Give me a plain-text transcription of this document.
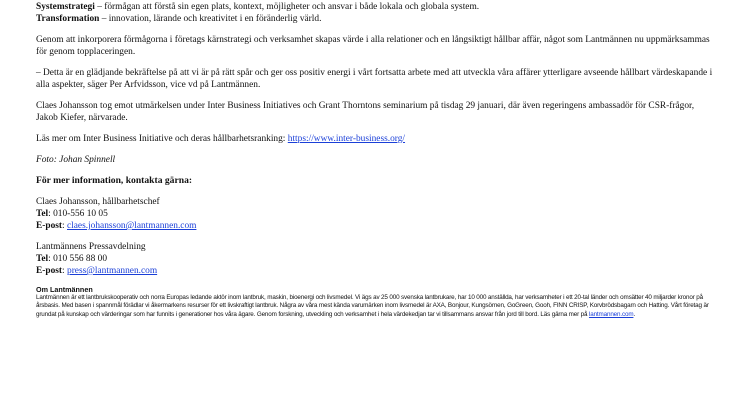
Systemstrategi – förmågan att förstå sin egen plats, kontext, möjligheter och ansvar i både lokala och globala system.

Transformation – innovation, lärande och kreativitet i en föränderlig värld.

Genom att inkorporera förmågorna i företags kärnstrategi och verksamhet skapas värde i alla relationer och en långsiktigt hållbar affär, något som Lantmännen nu uppmärksammas för genom topplaceringen.

– Detta är en glädjande bekräftelse på att vi är på rätt spår och ger oss positiv energi i vårt fortsatta arbete med att utveckla våra affärer ytterligare avseende hållbart värdeskapande i alla aspekter, säger Per Arfvidsson, vice vd på Lantmännen.

Claes Johansson tog emot utmärkelsen under Inter Business Initiatives och Grant Thorntons seminarium på tisdag 29 januari, där även regeringens ambassadör för CSR-frågor, Jakob Kiefer, närvarade.

Läs mer om Inter Business Initiative och deras hållbarhetsranking: https://www.inter-business.org/

Foto: Johan Spinnell

För mer information, kontakta gärna:

Claes Johansson, hållbarhetschef

Tel: 010-556 10 05

E-post: claes.johansson@lantmannen.com

Lantmännens Pressavdelning

Tel: 010 556 88 00

E-post: press@lantmannen.com

Om Lantmännen

Lantmännen är ett lantbrukskooperativ och norra Europas ledande aktör inom lantbruk, maskin, bioenergi och livsmedel. Vi ägs av 25 000 svenska lantbrukare, har 10 000 anställda, har verksamheter i ett 20-tal länder och omsätter 40 miljarder kronor på årsbasis. Med basen i spannmål förädlar vi åkermarkens resurser för ett livskraftigt lantbruk. Några av våra mest kända varumärken inom livsmedel är AXA, Bonjour, Kungsörnen, GoGreen, Gooh, FINN CRISP, Korvbrödsbagarn och Hatting. Vårt företag är grundat på kunskap och värderingar som har funnits i generationer hos våra ägare. Genom forskning, utveckling och verksamhet i hela värdekedjan tar vi tillsammans ansvar från jord till bord. Läs gärna mer på lantmannen.com.
